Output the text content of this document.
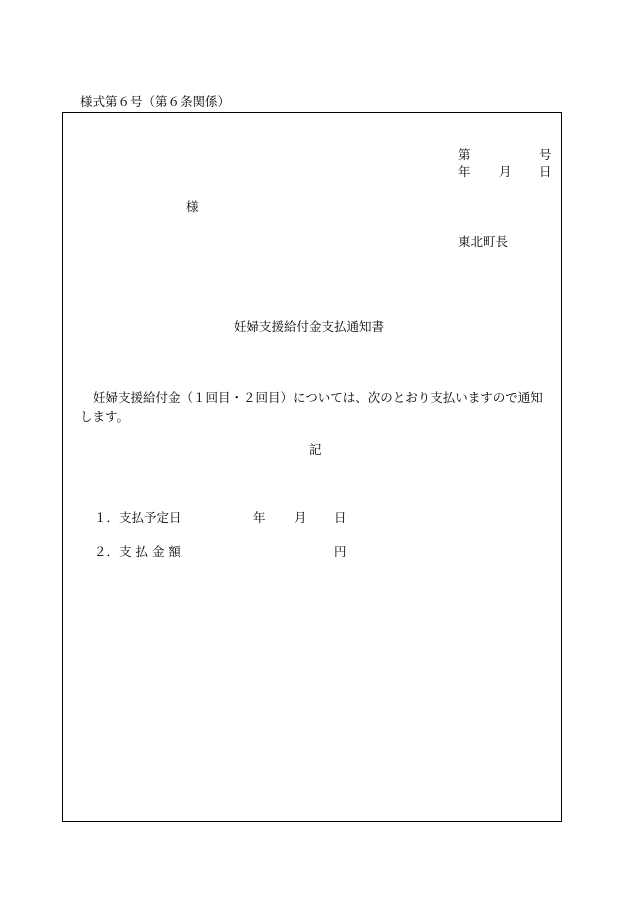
様式第６号（第６条関係）
第	号
年 月 日
様
東北町長
妊婦支援給付金支払通知書
妊婦支援給付金（１回目・２回目）については、次のとおり支払いますので通知します。
記
１．支払予定日	年 月 日
２．支 払 金 額	円
